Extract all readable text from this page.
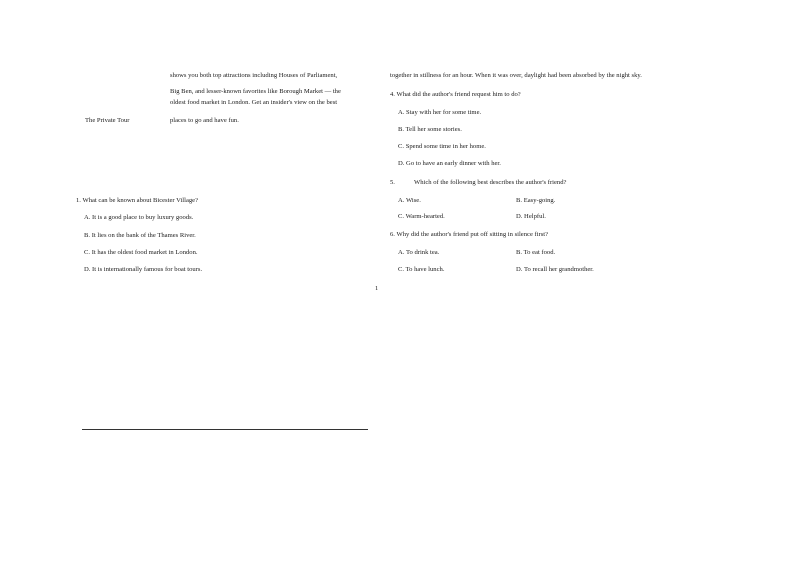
shows you both top attractions including Houses of Parliament,
Big Ben, and lesser-known favorites like Borough Market — the
oldest food market in London. Get an insider's view on the best
The Private Tour	places to go and have fun.
1. What can be known about Bicester Village?
A. It is a good place to buy luxury goods.
B. It lies on the bank of the Thames River.
C. It has the oldest food market in London.
D. It is internationally famous for boat tours.
1
together in stillness for an hour. When it was over, daylight had been absorbed by the night sky.
4. What did the author's friend request him to do?
A. Stay with her for some time.
B. Tell her some stories.
C. Spend some time in her home.
D. Go to have an early dinner with her.
5.	Which of the following best describes the author's friend?
A. Wise.	B. Easy-going.
C. Warm-hearted.	D. Helpful.
6. Why did the author's friend put off sitting in silence first?
A. To drink tea.	B. To eat food.
C. To have lunch.	D. To recall her grandmother.
